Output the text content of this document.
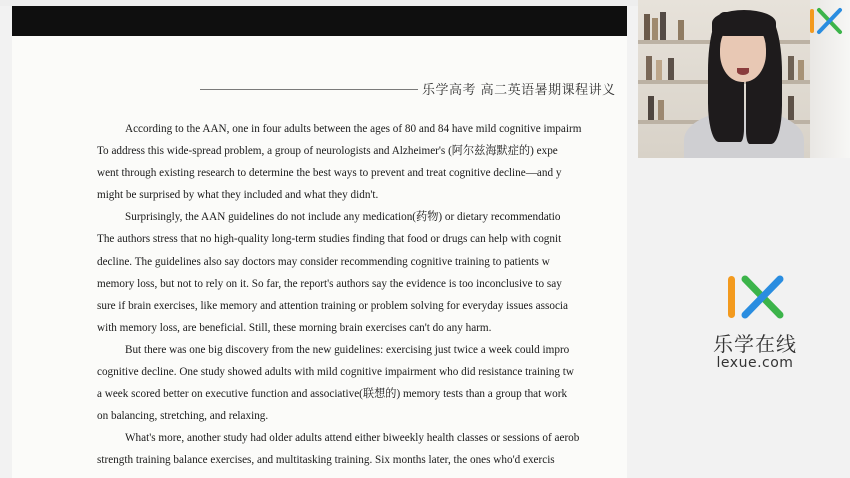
乐学高考 高二英语暑期课程讲义
According to the AAN, one in four adults between the ages of 80 and 84 have mild cognitive impairm
To address this wide-spread problem, a group of neurologists and Alzheimer's (阿尔兹海默症的) expe
went through existing research to determine the best ways to prevent and treat cognitive decline—and y
might be surprised by what they included and what they didn't.
Surprisingly, the AAN guidelines do not include any medication(药物) or dietary recommendatio
The authors stress that no high-quality long-term studies finding that food or drugs can help with cognit
decline. The guidelines also say doctors may consider recommending cognitive training to patients w
memory loss, but not to rely on it. So far, the report's authors say the evidence is too inconclusive to say
sure if brain exercises, like memory and attention training or problem solving for everyday issues associa
with memory loss, are beneficial. Still, these morning brain exercises can't do any harm.
But there was one big discovery from the new guidelines: exercising just twice a week could impro
cognitive decline. One study showed adults with mild cognitive impairment who did resistance training tw
a week scored better on executive function and associative(联想的) memory tests than a group that work
on balancing, stretching, and relaxing.
What's more, another study had older adults attend either biweekly health classes or sessions of aerob
strength training balance exercises, and multitasking training. Six months later, the ones who'd exercis
乐学在线
lexue.com
